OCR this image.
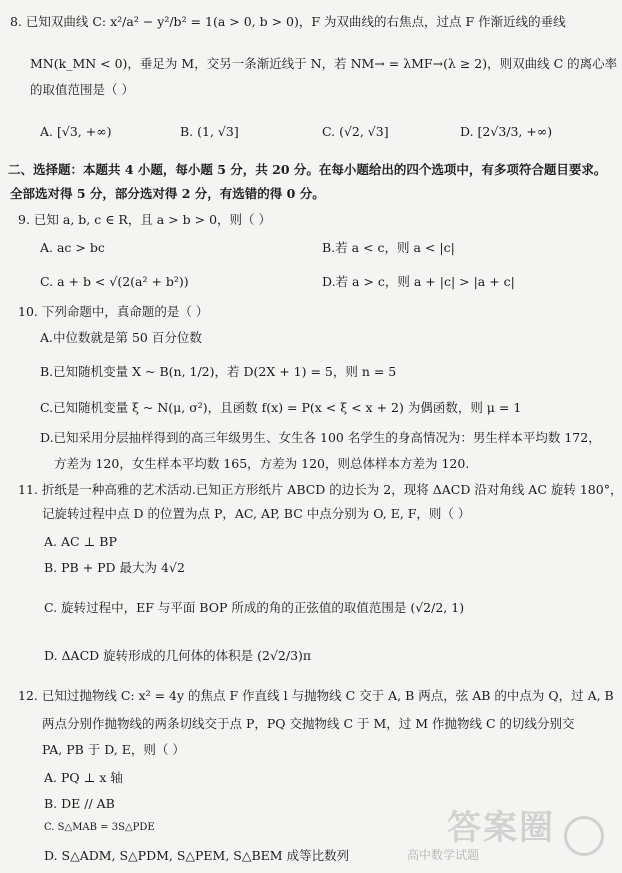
8. 已知双曲线 C: x²/a² − y²/b² = 1(a > 0, b > 0)，F 为双曲线的右焦点，过点 F 作渐近线的垂线
MN(k_MN < 0)，垂足为 M，交另一条渐近线于 N，若 NM→ = λMF→(λ ≥ 2)，则双曲线 C 的离心率
的取值范围是（ ）
A. [√3, +∞)	B. (1, √3]	C. (√2, √3]	D. [2√3/3, +∞)
二、选择题：本题共 4 小题，每小题 5 分，共 20 分。在每小题给出的四个选项中，有多项符合题目要求。
全部选对得 5 分，部分选对得 2 分，有选错的得 0 分。
9. 已知 a, b, c ∈ R，且 a > b > 0，则（ ）
A. ac > bc	B.若 a < c，则 a < |c|
C. a + b < √(2(a² + b²))	D.若 a > c，则 a + |c| > |a + c|
10. 下列命题中，真命题的是（ ）
A.中位数就是第 50 百分位数
B.已知随机变量 X ~ B(n, 1/2)，若 D(2X + 1) = 5，则 n = 5
C.已知随机变量 ξ ~ N(μ, σ²)，且函数 f(x) = P(x < ξ < x + 2) 为偶函数，则 μ = 1
D.已知采用分层抽样得到的高三年级男生、女生各 100 名学生的身高情况为：男生样本平均数 172，
方差为 120，女生样本平均数 165，方差为 120，则总体样本方差为 120.
11. 折纸是一种高雅的艺术活动.已知正方形纸片 ABCD 的边长为 2，现将 ΔACD 沿对角线 AC 旋转 180°，
记旋转过程中点 D 的位置为点 P，AC, AP, BC 中点分别为 O, E, F，则（ ）
A. AC ⊥ BP
B. PB + PD 最大为 4√2
C. 旋转过程中，EF 与平面 BOP 所成的角的正弦值的取值范围是 (√2/2, 1)
D. ΔACD 旋转形成的几何体的体积是 (2√2/3)π
12. 已知过抛物线 C: x² = 4y 的焦点 F 作直线 l 与抛物线 C 交于 A, B 两点，弦 AB 的中点为 Q，过 A, B
两点分别作抛物线的两条切线交于点 P，PQ 交抛物线 C 于 M，过 M 作抛物线 C 的切线分别交
PA, PB 于 D, E，则（ ）
A. PQ ⊥ x 轴
B. DE // AB
C. S△MAB = 3S△PDE
D. S△ADM, S△PDM, S△PEM, S△BEM 成等比数列
答案圈
高中数学试题
